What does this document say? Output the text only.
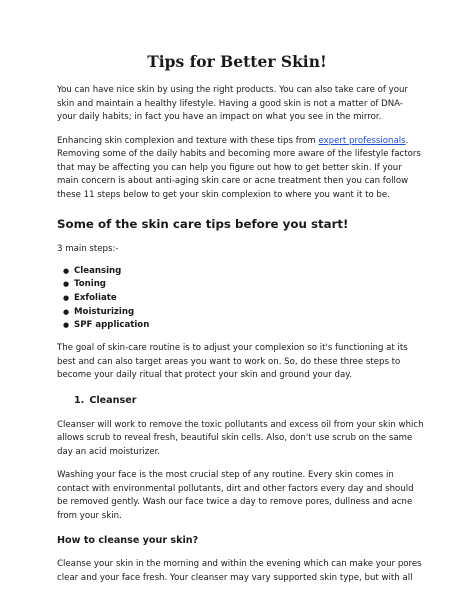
Tips for Better Skin!

You can have nice skin by using the right products. You can also take care of your skin and maintain a healthy lifestyle. Having a good skin is not a matter of DNA- your daily habits; in fact you have an impact on what you see in the mirror.

Enhancing skin complexion and texture with these tips from expert professionals. Removing some of the daily habits and becoming more aware of the lifestyle factors that may be affecting you can help you figure out how to get better skin. If your main concern is about anti-aging skin care or acne treatment then you can follow these 11 steps below to get your skin complexion to where you want it to be.

Some of the skin care tips before you start!

3 main steps:-

● Cleansing
● Toning
● Exfoliate
● Moisturizing
● SPF application

The goal of skin-care routine is to adjust your complexion so it's functioning at its best and can also target areas you want to work on. So, do these three steps to become your daily ritual that protect your skin and ground your day.

1. Cleanser

Cleanser will work to remove the toxic pollutants and excess oil from your skin which allows scrub to reveal fresh, beautiful skin cells. Also, don't use scrub on the same day an acid moisturizer.

Washing your face is the most crucial step of any routine. Every skin comes in contact with environmental pollutants, dirt and other factors every day and should be removed gently. Wash our face twice a day to remove pores, dullness and acne from your skin.

How to cleanse your skin?

Cleanse your skin in the morning and within the evening which can make your pores clear and your face fresh. Your cleanser may vary supported skin type, but with all
